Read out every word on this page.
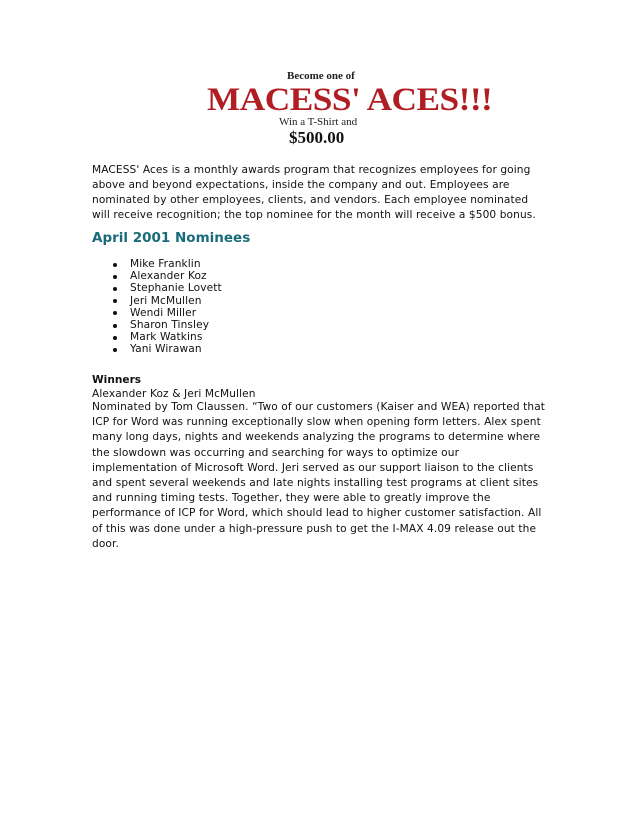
Become one of
MACESS' ACES!!!
Win a T-Shirt and
$500.00

MACESS' Aces is a monthly awards program that recognizes employees for going above and beyond expectations, inside the company and out. Employees are nominated by other employees, clients, and vendors. Each employee nominated will receive recognition; the top nominee for the month will receive a $500 bonus.

April 2001 Nominees
Mike Franklin
Alexander Koz
Stephanie Lovett
Jeri McMullen
Wendi Miller
Sharon Tinsley
Mark Watkins
Yani Wirawan

Winners

Alexander Koz & Jeri McMullen

Nominated by Tom Claussen. “Two of our customers (Kaiser and WEA) reported that ICP for Word was running exceptionally slow when opening form letters. Alex spent many long days, nights and weekends analyzing the programs to determine where the slowdown was occurring and searching for ways to optimize our implementation of Microsoft Word. Jeri served as our support liaison to the clients and spent several weekends and late nights installing test programs at client sites and running timing tests. Together, they were able to greatly improve the performance of ICP for Word, which should lead to higher customer satisfaction. All of this was done under a high-pressure push to get the I-MAX 4.09 release out the door.
